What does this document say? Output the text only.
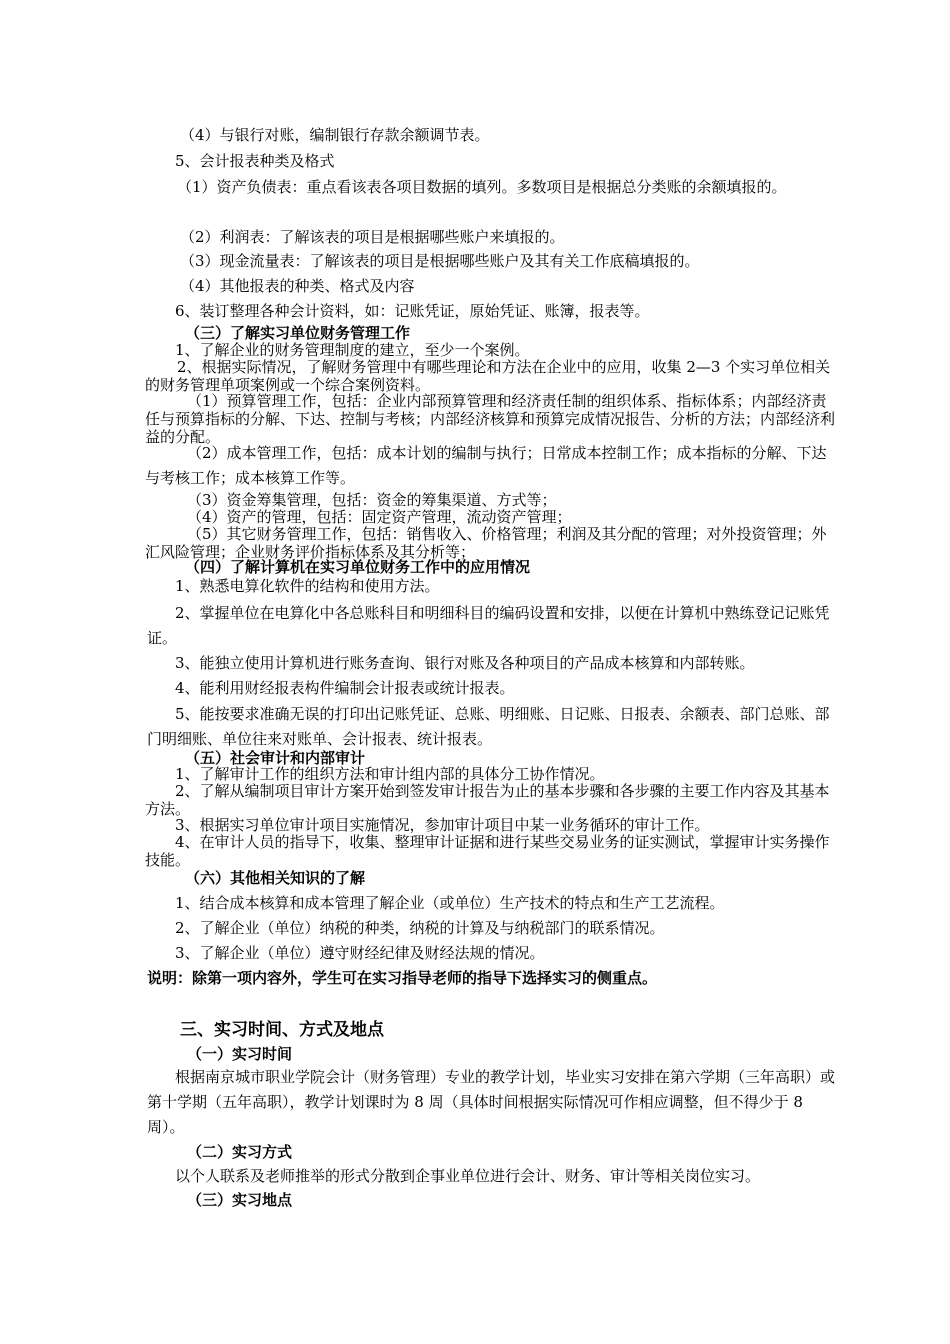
（4）与银行对账，编制银行存款余额调节表。

5、会计报表种类及格式

（1）资产负债表：重点看该表各项目数据的填列。多数项目是根据总分类账的余额填报的。

（2）利润表：了解该表的项目是根据哪些账户来填报的。

（3）现金流量表：了解该表的项目是根据哪些账户及其有关工作底稿填报的。

（4）其他报表的种类、格式及内容

6、装订整理各种会计资料，如：记账凭证，原始凭证、账簿，报表等。

（三）了解实习单位财务管理工作

1、了解企业的财务管理制度的建立，至少一个案例。

2、根据实际情况，了解财务管理中有哪些理论和方法在企业中的应用，收集 2—3 个实习单位相关的财务管理单项案例或一个综合案例资料。

（1）预算管理工作，包括：企业内部预算管理和经济责任制的组织体系、指标体系；内部经济责任与预算指标的分解、下达、控制与考核；内部经济核算和预算完成情况报告、分析的方法；内部经济利益的分配。

（2）成本管理工作，包括：成本计划的编制与执行；日常成本控制工作；成本指标的分解、下达与考核工作；成本核算工作等。

（3）资金筹集管理，包括：资金的筹集渠道、方式等；

（4）资产的管理，包括：固定资产管理，流动资产管理；

（5）其它财务管理工作，包括：销售收入、价格管理；利润及其分配的管理；对外投资管理；外汇风险管理；企业财务评价指标体系及其分析等；

（四）了解计算机在实习单位财务工作中的应用情况

1、熟悉电算化软件的结构和使用方法。

2、掌握单位在电算化中各总账科目和明细科目的编码设置和安排，以便在计算机中熟练登记记账凭证。

3、能独立使用计算机进行账务查询、银行对账及各种项目的产品成本核算和内部转账。

4、能利用财经报表构件编制会计报表或统计报表。

5、能按要求准确无误的打印出记账凭证、总账、明细账、日记账、日报表、余额表、部门总账、部门明细账、单位往来对账单、会计报表、统计报表。

（五）社会审计和内部审计

1、了解审计工作的组织方法和审计组内部的具体分工协作情况。

2、了解从编制项目审计方案开始到签发审计报告为止的基本步骤和各步骤的主要工作内容及其基本方法。

3、根据实习单位审计项目实施情况，参加审计项目中某一业务循环的审计工作。

4、在审计人员的指导下，收集、整理审计证据和进行某些交易业务的证实测试，掌握审计实务操作技能。

（六）其他相关知识的了解

1、结合成本核算和成本管理了解企业（或单位）生产技术的特点和生产工艺流程。

2、了解企业（单位）纳税的种类，纳税的计算及与纳税部门的联系情况。

3、了解企业（单位）遵守财经纪律及财经法规的情况。

说明：除第一项内容外，学生可在实习指导老师的指导下选择实习的侧重点。

三、实习时间、方式及地点

（一）实习时间

根据南京城市职业学院会计（财务管理）专业的教学计划，毕业实习安排在第六学期（三年高职）或第十学期（五年高职），教学计划课时为 8 周（具体时间根据实际情况可作相应调整，但不得少于 8 周）。

（二）实习方式

以个人联系及老师推举的形式分散到企事业单位进行会计、财务、审计等相关岗位实习。

（三）实习地点
